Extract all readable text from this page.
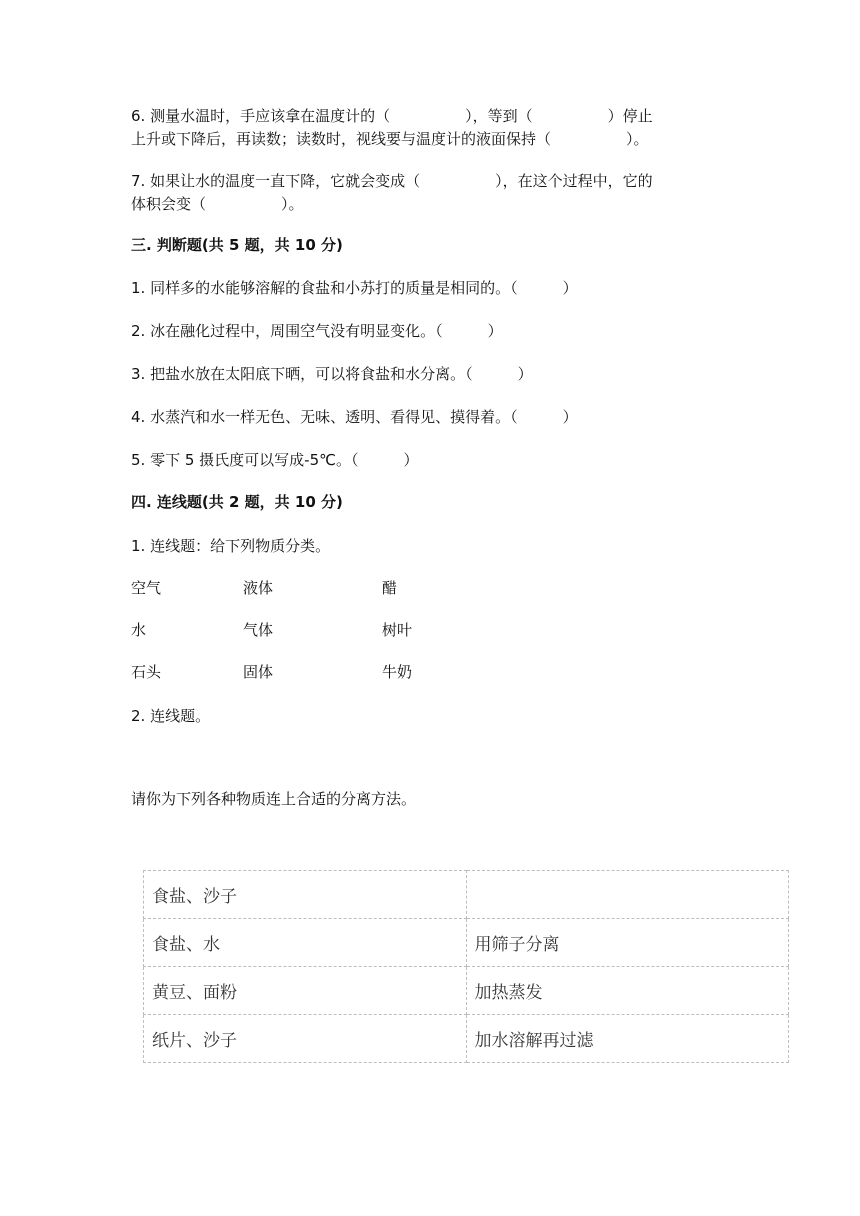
6. 测量水温时，手应该拿在温度计的（　　　　　），等到（　　　　　）停止
上升或下降后，再读数；读数时，视线要与温度计的液面保持（　　　　　）。
7. 如果让水的温度一直下降，它就会变成（　　　　　），在这个过程中，它的
体积会变（　　　　　）。
三. 判断题(共 5 题，共 10 分)
1. 同样多的水能够溶解的食盐和小苏打的质量是相同的。（　　　）
2. 冰在融化过程中，周围空气没有明显变化。（　　　）
3. 把盐水放在太阳底下晒，可以将食盐和水分离。（　　　）
4. 水蒸汽和水一样无色、无味、透明、看得见、摸得着。（　　　）
5. 零下 5 摄氏度可以写成-5℃。（　　　）
四. 连线题(共 2 题，共 10 分)
1. 连线题：给下列物质分类。
空气	液体	醋
水	气体	树叶
石头	固体	牛奶
2. 连线题。
请你为下列各种物质连上合适的分离方法。
食盐、沙子	
食盐、水	用筛子分离
黄豆、面粉	加热蒸发
纸片、沙子	加水溶解再过滤
